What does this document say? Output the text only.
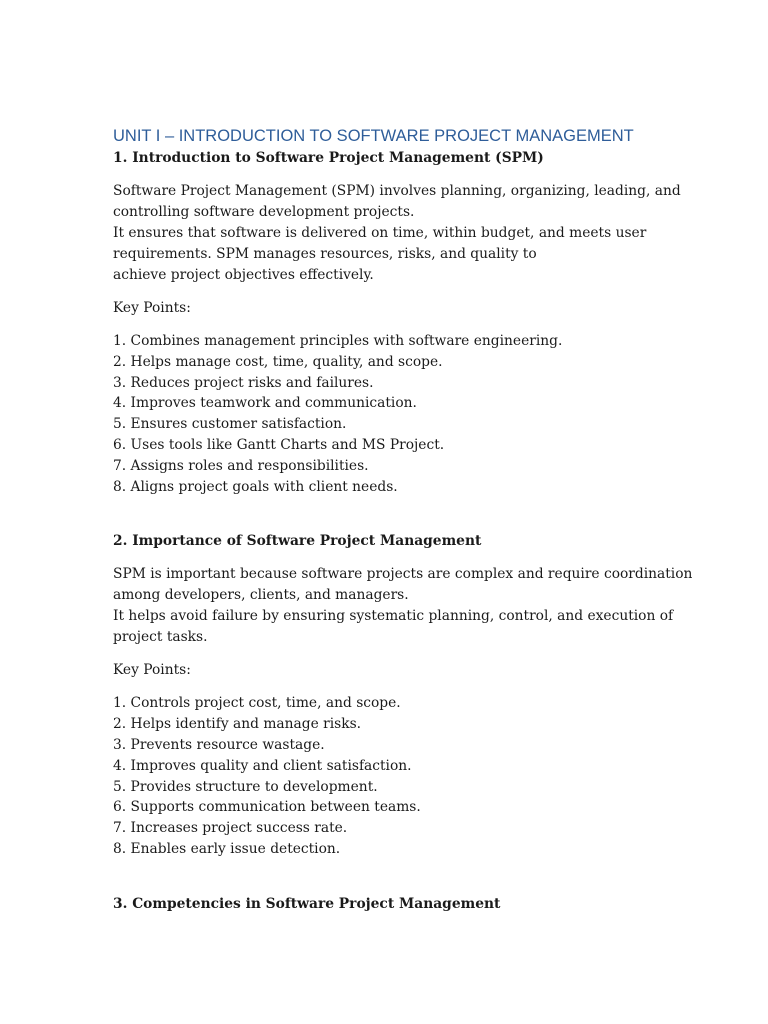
UNIT I – INTRODUCTION TO SOFTWARE PROJECT MANAGEMENT
1. Introduction to Software Project Management (SPM)
Software Project Management (SPM) involves planning, organizing, leading, and
controlling software development projects.
It ensures that software is delivered on time, within budget, and meets user
requirements. SPM manages resources, risks, and quality to
achieve project objectives effectively.
Key Points:
1. Combines management principles with software engineering.
2. Helps manage cost, time, quality, and scope.
3. Reduces project risks and failures.
4. Improves teamwork and communication.
5. Ensures customer satisfaction.
6. Uses tools like Gantt Charts and MS Project.
7. Assigns roles and responsibilities.
8. Aligns project goals with client needs.
2. Importance of Software Project Management
SPM is important because software projects are complex and require coordination
among developers, clients, and managers.
It helps avoid failure by ensuring systematic planning, control, and execution of
project tasks.
Key Points:
1. Controls project cost, time, and scope.
2. Helps identify and manage risks.
3. Prevents resource wastage.
4. Improves quality and client satisfaction.
5. Provides structure to development.
6. Supports communication between teams.
7. Increases project success rate.
8. Enables early issue detection.
3. Competencies in Software Project Management
